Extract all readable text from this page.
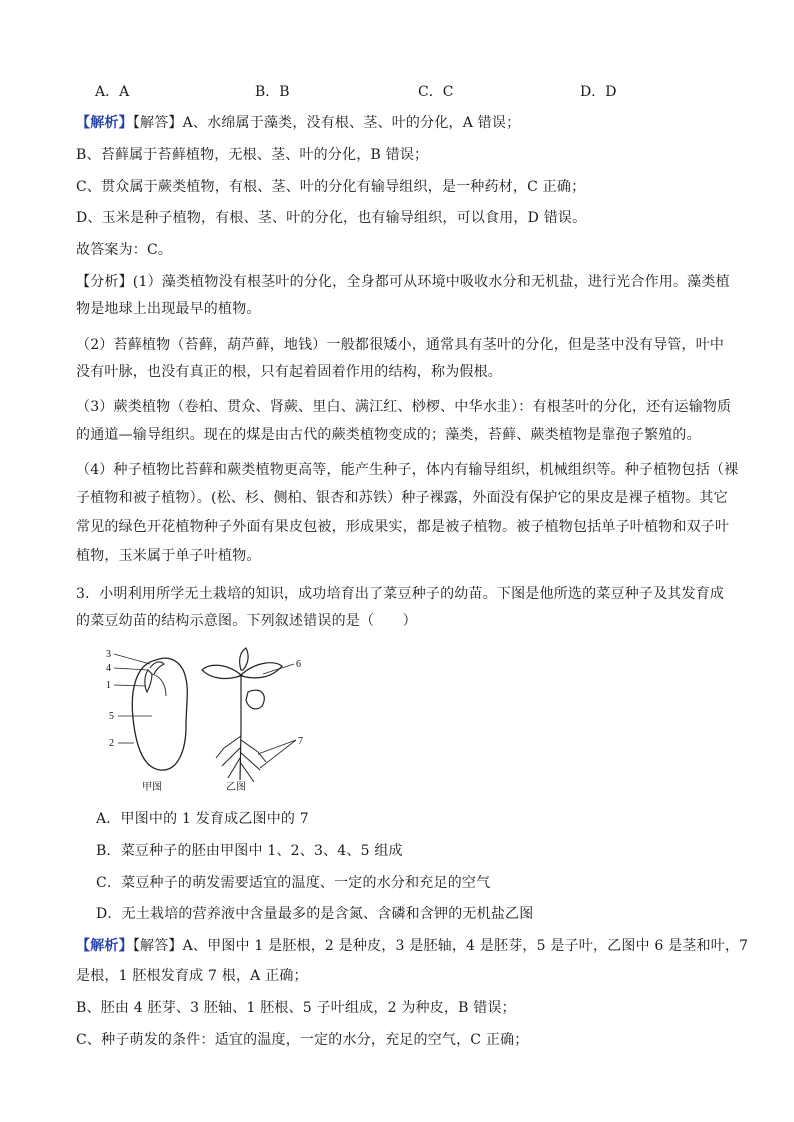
A．A	B．B	C．C	D．D
【解析】【解答】A、水绵属于藻类，没有根、茎、叶的分化，A 错误；
B、苔藓属于苔藓植物，无根、茎、叶的分化，B 错误；
C、贯众属于蕨类植物，有根、茎、叶的分化有输导组织，是一种药材，C 正确；
D、玉米是种子植物，有根、茎、叶的分化，也有输导组织，可以食用，D 错误。
故答案为：C。
【分析】(1）藻类植物没有根茎叶的分化，全身都可从环境中吸收水分和无机盐，进行光合作用。藻类植
物是地球上出现最早的植物。
（2）苔藓植物（苔藓，葫芦藓，地钱）一般都很矮小，通常具有茎叶的分化，但是茎中没有导管，叶中
没有叶脉，也没有真正的根，只有起着固着作用的结构，称为假根。
（3）蕨类植物（卷柏、贯众、肾蕨、里白、满江红、桫椤、中华水韭）：有根茎叶的分化，还有运输物质
的通道—输导组织。现在的煤是由古代的蕨类植物变成的；藻类，苔藓、蕨类植物是靠孢子繁殖的。
（4）种子植物比苔藓和蕨类植物更高等，能产生种子，体内有输导组织，机械组织等。种子植物包括（裸
子植物和被子植物）。(松、杉、侧柏、银杏和苏铁）种子裸露，外面没有保护它的果皮是裸子植物。其它
常见的绿色开花植物种子外面有果皮包被，形成果实，都是被子植物。被子植物包括单子叶植物和双子叶
植物，玉米属于单子叶植物。
3．小明利用所学无土栽培的知识，成功培育出了菜豆种子的幼苗。下图是他所选的菜豆种子及其发育成
的菜豆幼苗的结构示意图。下列叙述错误的是（　　）
3
4
1
5
2
6
7
甲图	乙图
A．甲图中的 1 发育成乙图中的 7
B．菜豆种子的胚由甲图中 1、2、3、4、5 组成
C．菜豆种子的萌发需要适宜的温度、一定的水分和充足的空气
D．无土栽培的营养液中含量最多的是含氮、含磷和含钾的无机盐乙图
【解析】【解答】A、甲图中 1 是胚根，2 是种皮，3 是胚轴，4 是胚芽，5 是子叶，乙图中 6 是茎和叶，7
是根，1 胚根发育成 7 根，A 正确；
B、胚由 4 胚芽、3 胚轴、1 胚根、5 子叶组成，2 为种皮，B 错误；
C、种子萌发的条件：适宜的温度，一定的水分，充足的空气，C 正确；
